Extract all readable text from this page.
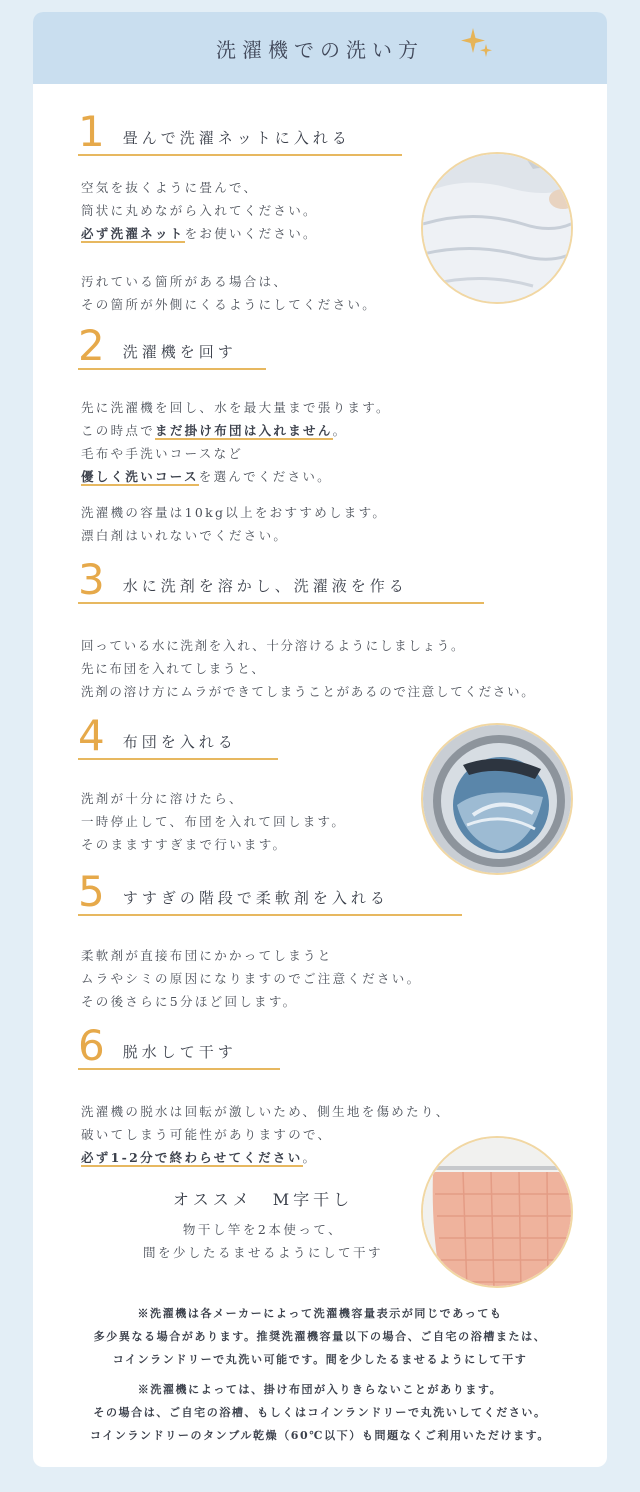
洗濯機での洗い方
1 畳んで洗濯ネットに入れる
空気を抜くように畳んで、
筒状に丸めながら入れてください。
必ず洗濯ネットをお使いください。
汚れている箇所がある場合は、
その箇所が外側にくるようにしてください。
2 洗濯機を回す
先に洗濯機を回し、水を最大量まで張ります。
この時点でまだ掛け布団は入れません。
毛布や手洗いコースなど
優しく洗いコースを選んでください。
洗濯機の容量は10kg以上をおすすめします。
漂白剤はいれないでください。
3 水に洗剤を溶かし、洗濯液を作る
回っている水に洗剤を入れ、十分溶けるようにしましょう。
先に布団を入れてしまうと、
洗剤の溶け方にムラができてしまうことがあるので注意してください。
4 布団を入れる
洗剤が十分に溶けたら、
一時停止して、布団を入れて回します。
そのまますすぎまで行います。
5 すすぎの階段で柔軟剤を入れる
柔軟剤が直接布団にかかってしまうと
ムラやシミの原因になりますのでご注意ください。
その後さらに5分ほど回します。
6 脱水して干す
洗濯機の脱水は回転が激しいため、側生地を傷めたり、
破いてしまう可能性がありますので、
必ず1-2分で終わらせてください。
オススメ　M字干し
物干し竿を2本使って、
間を少したるませるようにして干す
※洗濯機は各メーカーによって洗濯機容量表示が同じであっても
多少異なる場合があります。推奨洗濯機容量以下の場合、ご自宅の浴槽または、
コインランドリーで丸洗い可能です。間を少したるませるようにして干す
※洗濯機によっては、掛け布団が入りきらないことがあります。
その場合は、ご自宅の浴槽、もしくはコインランドリーで丸洗いしてください。
コインランドリーのタンブル乾燥（60℃以下）も問題なくご利用いただけます。
